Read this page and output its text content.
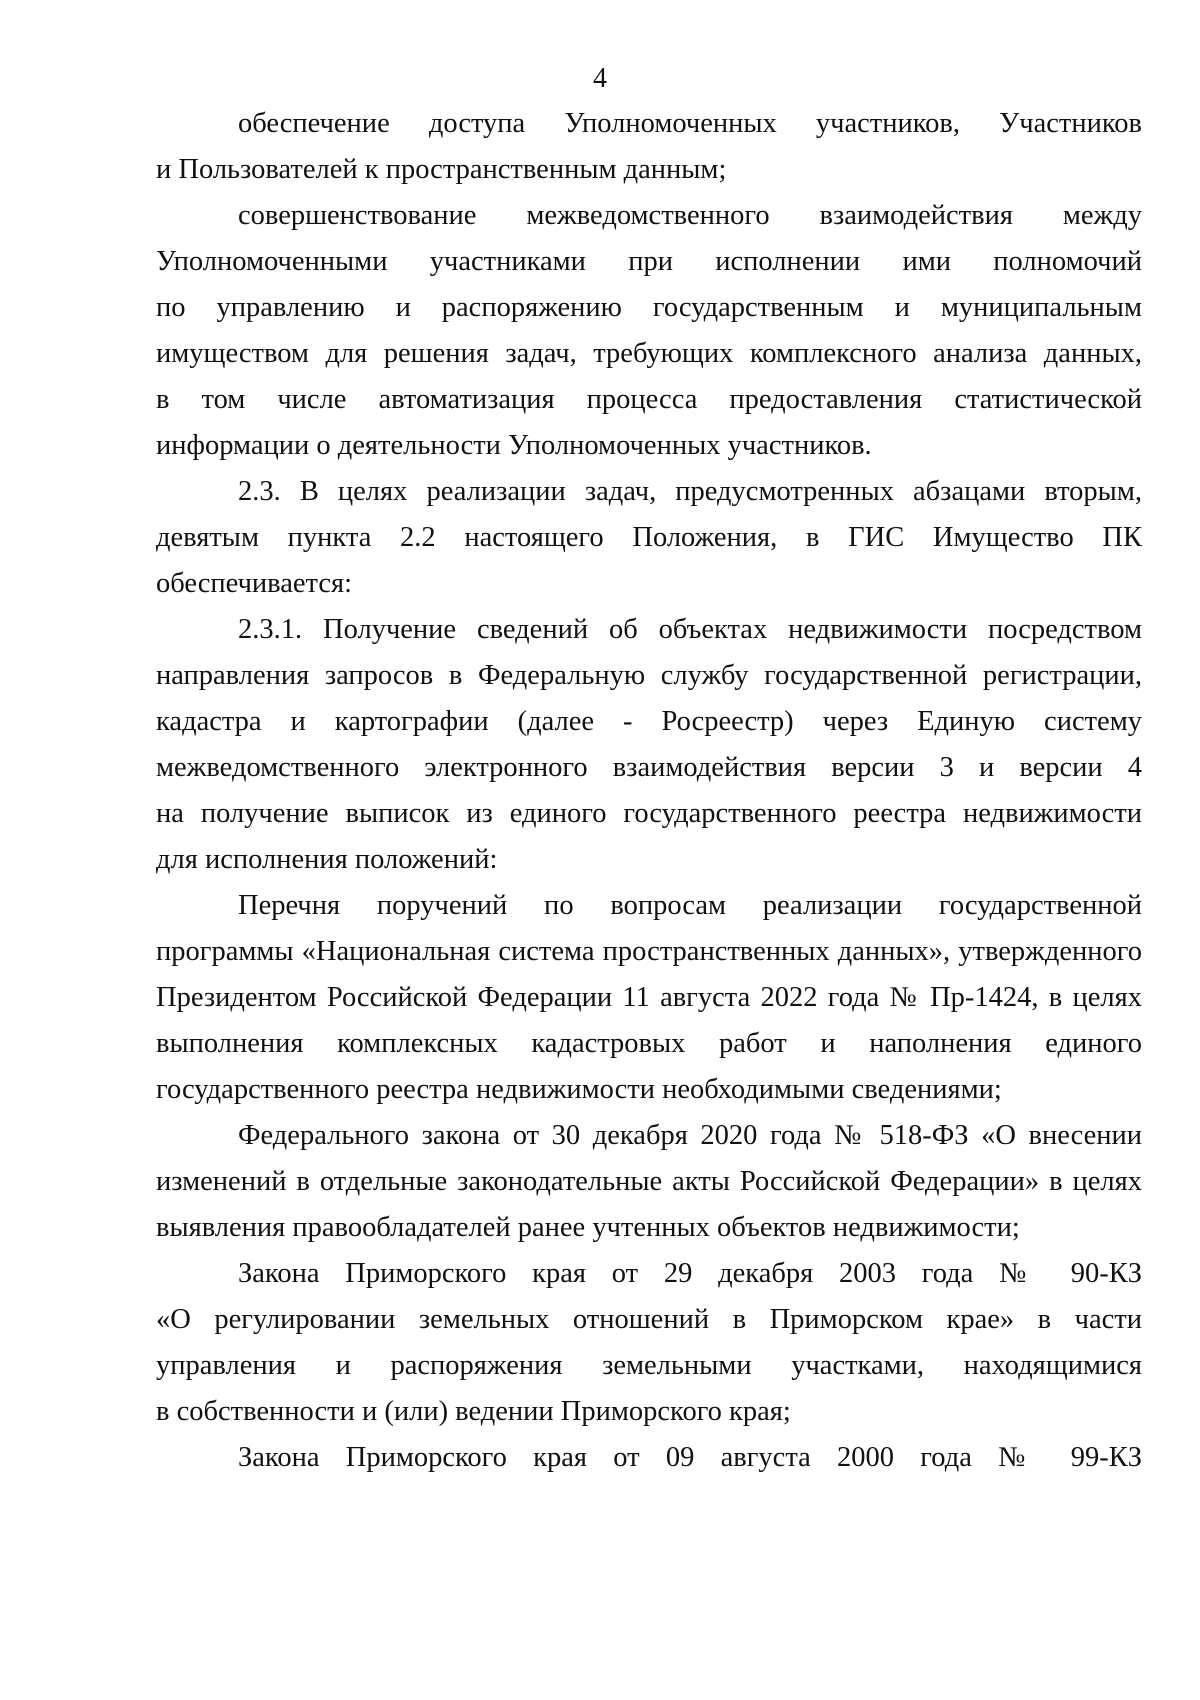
4
обеспечение доступа Уполномоченных участников, Участников
и Пользователей к пространственным данным;
совершенствование межведомственного взаимодействия между
Уполномоченными участниками при исполнении ими полномочий
по управлению и распоряжению государственным и муниципальным
имуществом для решения задач, требующих комплексного анализа данных,
в том числе автоматизация процесса предоставления статистической
информации о деятельности Уполномоченных участников.
2.3. В целях реализации задач, предусмотренных абзацами вторым,
девятым пункта 2.2 настоящего Положения, в ГИС Имущество ПК
обеспечивается:
2.3.1. Получение сведений об объектах недвижимости посредством
направления запросов в Федеральную службу государственной регистрации,
кадастра и картографии (далее - Росреестр) через Единую систему
межведомственного электронного взаимодействия версии 3 и версии 4
на получение выписок из единого государственного реестра недвижимости
для исполнения положений:
Перечня поручений по вопросам реализации государственной
программы «Национальная система пространственных данных», утвержденного
Президентом Российской Федерации 11 августа 2022 года № Пр-1424, в целях
выполнения комплексных кадастровых работ и наполнения единого
государственного реестра недвижимости необходимыми сведениями;
Федерального закона от 30 декабря 2020 года № 518-ФЗ «О внесении
изменений в отдельные законодательные акты Российской Федерации» в целях
выявления правообладателей ранее учтенных объектов недвижимости;
Закона Приморского края от 29 декабря 2003 года № 90-КЗ
«О регулировании земельных отношений в Приморском крае» в части
управления и распоряжения земельными участками, находящимися
в собственности и (или) ведении Приморского края;
Закона Приморского края от 09 августа 2000 года № 99-КЗ
